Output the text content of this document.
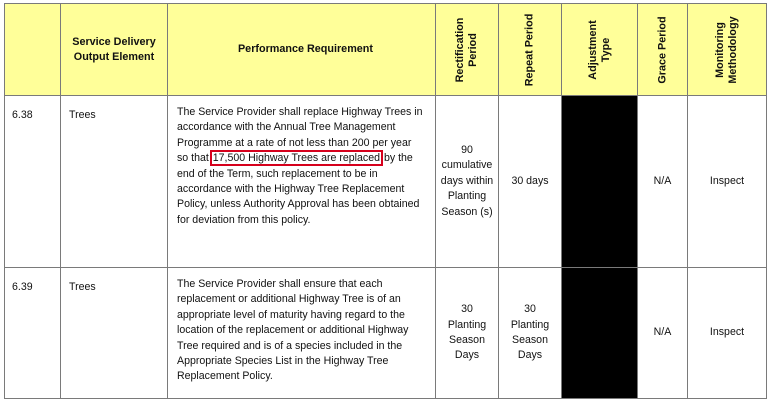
	Service Delivery Output Element	Performance Requirement	Rectification Period	Repeat Period	Adjustment Type	Grace Period	Monitoring Methodology

6.38	Trees	The Service Provider shall replace Highway Trees in accordance with the Annual Tree Management Programme at a rate of not less than 200 per year so that 17,500 Highway Trees are replaced by the end of the Term, such replacement to be in accordance with the Highway Tree Replacement Policy, unless Authority Approval has been obtained for deviation from this policy.	90 cumulative days within Planting Season (s)	30 days		N/A	Inspect
6.39	Trees	The Service Provider shall ensure that each replacement or additional Highway Tree is of an appropriate level of maturity having regard to the location of the replacement or additional Highway Tree required and is of a species included in the Appropriate Species List in the Highway Tree Replacement Policy.	30 Planting Season Days	30 Planting Season Days		N/A	Inspect
